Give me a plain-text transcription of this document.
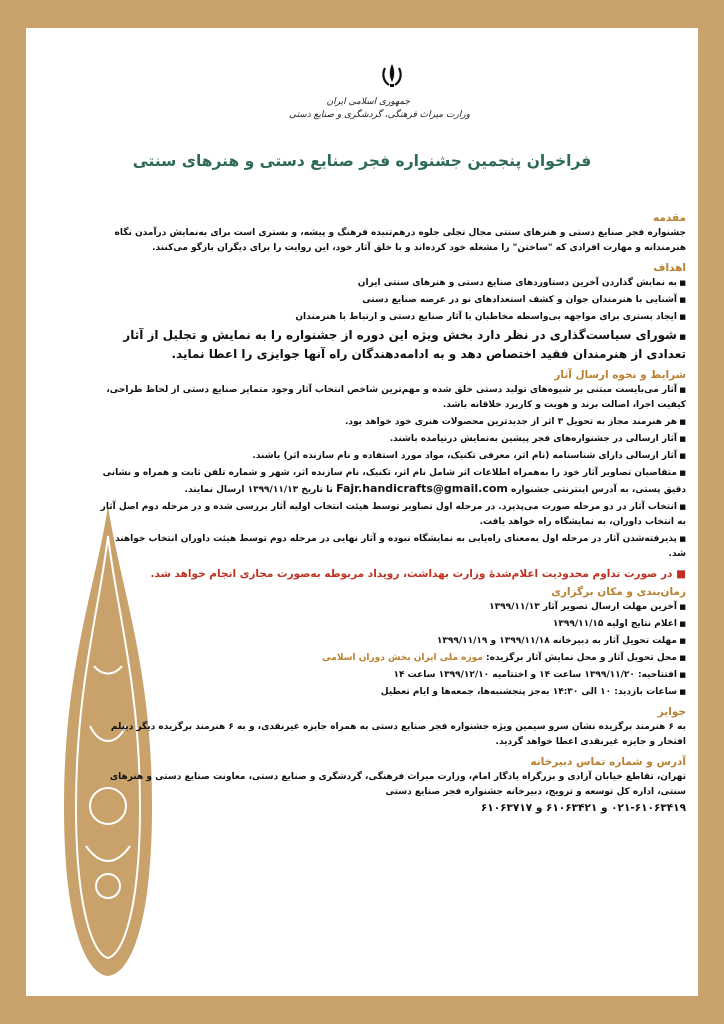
جمهوری اسلامی ایران
وزارت میراث فرهنگی، گردشگری و صنایع دستی
فراخوان پنجمین جشنواره فجر صنایع دستی و هنرهای سنتی
مقدمه

جشنواره فجر صنایع دستی و هنرهای سنتی مجال تجلی جلوه درهم‌تنیده فرهنگ و پیشه، و بستری است برای به‌نمایش درآمدن نگاه هنرمندانه و مهارت افرادی که "ساختن" را مشغله خود کرده‌اند و با خلق آثار خود، این روایت را برای دیگران بازگو می‌کنند.

اهداف
■ به نمایش گذاردن آخرین دستاوردهای صنایع دستی و هنرهای سنتی ایران
■ آشنایی با هنرمندان جوان و کشف استعدادهای نو در عرصه صنایع دستی
■ ایجاد بستری برای مواجهه بی‌واسطه مخاطبان با آثار صنایع دستی و ارتباط با هنرمندان
■ شورای سیاست‌گذاری در نظر دارد بخش ویژه این دوره از جشنواره را به نمایش و تجلیل از آثار تعدادی از هنرمندان فقید اختصاص دهد و به ادامه‌دهندگان راه آنها جوایزی را اعطا نماید.
شرایط و نحوه ارسال آثار
■ آثار می‌بایست مبتنی بر شیوه‌های تولید دستی خلق شده و مهم‌ترین شاخص انتخاب آثار وجود متمایز صنایع دستی از لحاظ طراحی، کیفیت اجرا، اصالت برند و هویت و کاربرد خلاقانه باشد.
■ هر هنرمند مجاز به تحویل ۳ اثر از جدیدترین محصولات هنری خود خواهد بود.
■ آثار ارسالی در جشنواره‌های فجر پیشین به‌نمایش درنیامده باشند.
■ آثار ارسالی دارای شناسنامه (نام اثر، معرفی تکنیک، مواد مورد استفاده و نام سازنده اثر) باشند.
■ متقاضیان تصاویر آثار خود را به‌همراه اطلاعات اثر شامل نام اثر، تکنیک، نام سازنده اثر، شهر و شماره تلفن ثابت و همراه و نشانی دقیق پستی، به آدرس اینترنتی جشنواره Fajr.handicrafts@gmail.com تا تاریخ ۱۳۹۹/۱۱/۱۳ ارسال نمایند.
■ انتخاب آثار در دو مرحله صورت می‌پذیرد. در مرحله اول تصاویر توسط هیئت انتخاب اولیه آثار بررسی شده و در مرحله دوم اصل آثار به انتخاب داوران، به نمایشگاه راه خواهد یافت.
■ پذیرفته‌شدن آثار در مرحله اول به‌معنای راه‌یابی به نمایشگاه نبوده و آثار نهایی در مرحله دوم توسط هیئت داوران انتخاب خواهند شد.
■ در صورت تداوم محدودیت اعلام‌شدهٔ وزارت بهداشت، رویداد مربوطه به‌صورت مجازی انجام خواهد شد.
زمان‌بندی و مکان برگزاری
■ آخرین مهلت ارسال تصویر آثار ۱۳۹۹/۱۱/۱۳
■ اعلام نتایج اولیه ۱۳۹۹/۱۱/۱۵
■ مهلت تحویل آثار به دبیرخانه ۱۳۹۹/۱۱/۱۸ و ۱۳۹۹/۱۱/۱۹
■ محل تحویل آثار و محل نمایش آثار برگزیده: موزه ملی ایران بخش دوران اسلامی
■ افتتاحیه: ۱۳۹۹/۱۱/۲۰ ساعت ۱۴ و اختتامیه ۱۳۹۹/۱۲/۱۰ ساعت ۱۴
■ ساعات بازدید: ۱۰ الی ۱۴:۳۰ به‌جز پنجشنبه‌ها، جمعه‌ها و ایام تعطیل
جوایز

به ۶ هنرمند برگزیده نشان سرو سیمین ویژه جشنواره فجر صنایع دستی به همراه جایزه غیرنقدی، و به ۶ هنرمند برگزیده دیگر دیپلم افتخار و جایزه غیرنقدی اعطا خواهد گردید.

آدرس و شماره تماس دبیرخانه

تهران، تقاطع خیابان آزادی و بزرگراه یادگار امام، وزارت میراث فرهنگی، گردشگری و صنایع دستی، معاونت صنایع دستی و هنرهای سنتی، اداره کل توسعه و ترویج، دبیرخانه جشنواره فجر صنایع دستی

۰۲۱-۶۱۰۶۳۴۱۹ و ۶۱۰۶۳۴۲۱ و ۶۱۰۶۳۷۱۷
